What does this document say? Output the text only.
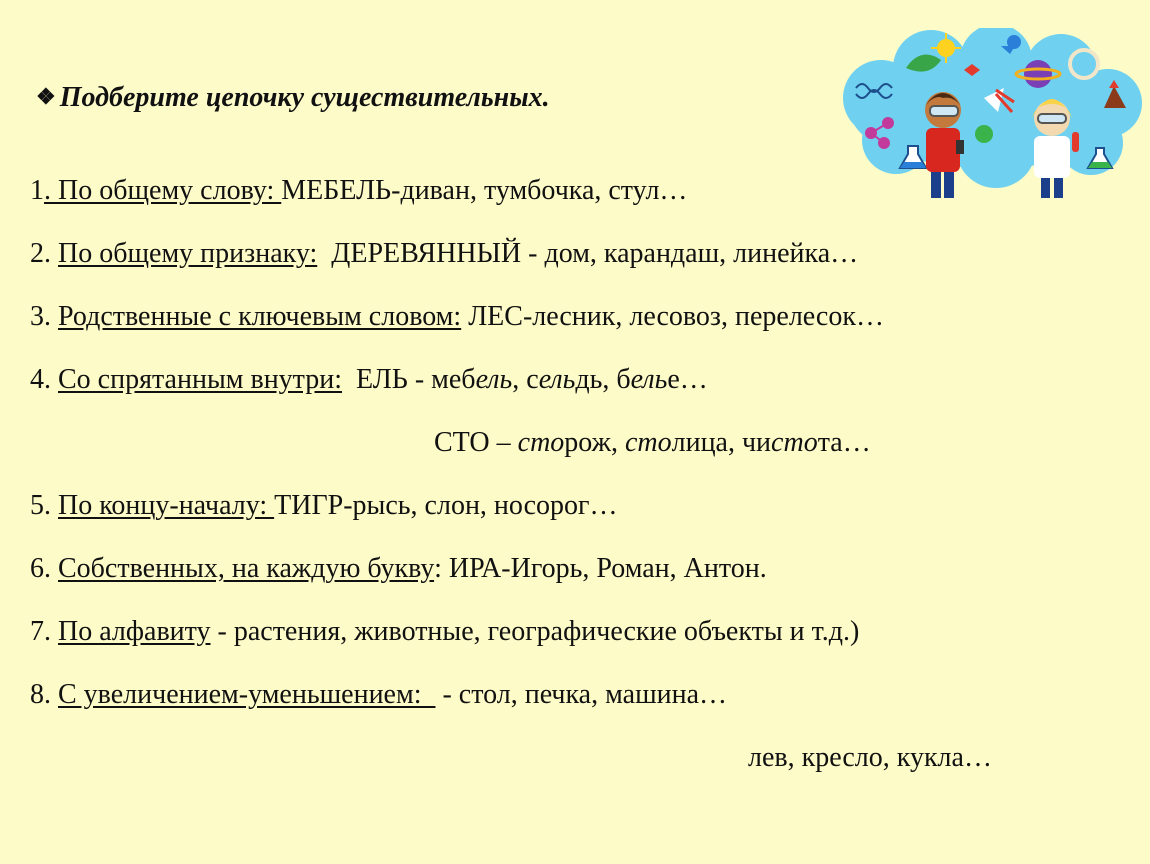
❖ Подберите цепочку существительных.
1. По общему слову: МЕБЕЛЬ-диван, тумбочка, стул…
2. По общему признаку:  ДЕРЕВЯННЫЙ - дом, карандаш, линейка…
3. Родственные с ключевым словом: ЛЕС-лесник, лесовоз, перелесок…
4. Со спрятанным внутри:  ЕЛЬ - мебель, сельдь, белье…
СТО – сторож, столица, чистота…
5. По концу-началу: ТИГР-рысь, слон, носорог…
6. Собственных, на каждую букву: ИРА-Игорь, Роман, Антон.
7. По алфавиту - растения, животные, географические объекты и т.д.)
8. С увеличением-уменьшением:   - стол, печка, машина…
лев, кресло, кукла…
